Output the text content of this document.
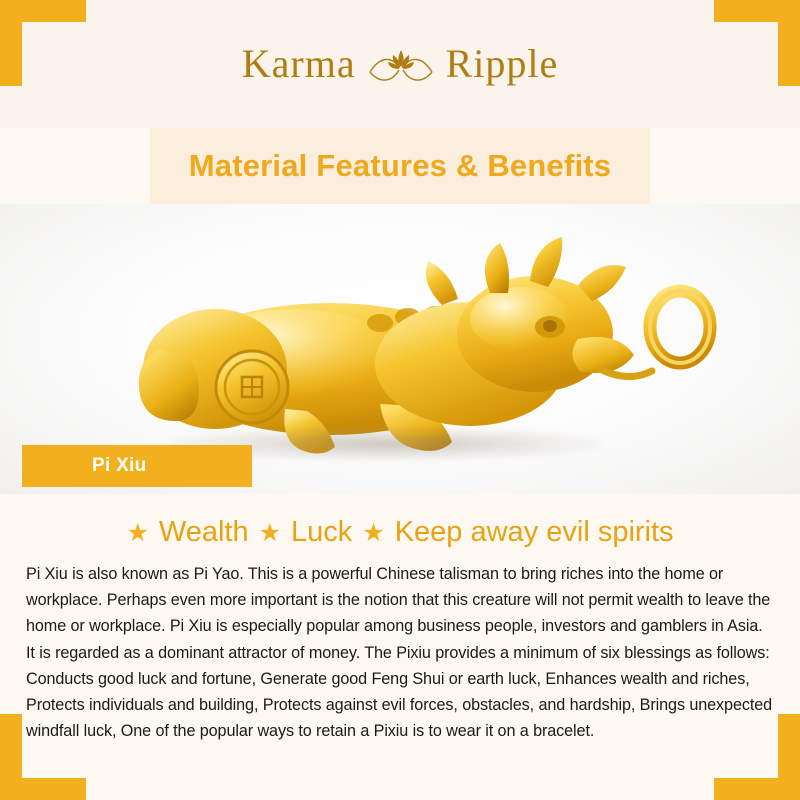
Karma Ripple
Material Features & Benefits
Pi Xiu
★ Wealth ★ Luck ★ Keep away evil spirits
Pi Xiu is also known as Pi Yao. This is a powerful Chinese talisman to bring riches into the home or workplace. Perhaps even more important is the notion that this creature will not permit wealth to leave the home or workplace. Pi Xiu is especially popular among business people, investors and gamblers in Asia. It is regarded as a dominant attractor of money. The Pixiu provides a minimum of six blessings as follows: Conducts good luck and fortune, Generate good Feng Shui or earth luck, Enhances wealth and riches, Protects individuals and building, Protects against evil forces, obstacles, and hardship, Brings unexpected windfall luck, One of the popular ways to retain a Pixiu is to wear it on a bracelet.
